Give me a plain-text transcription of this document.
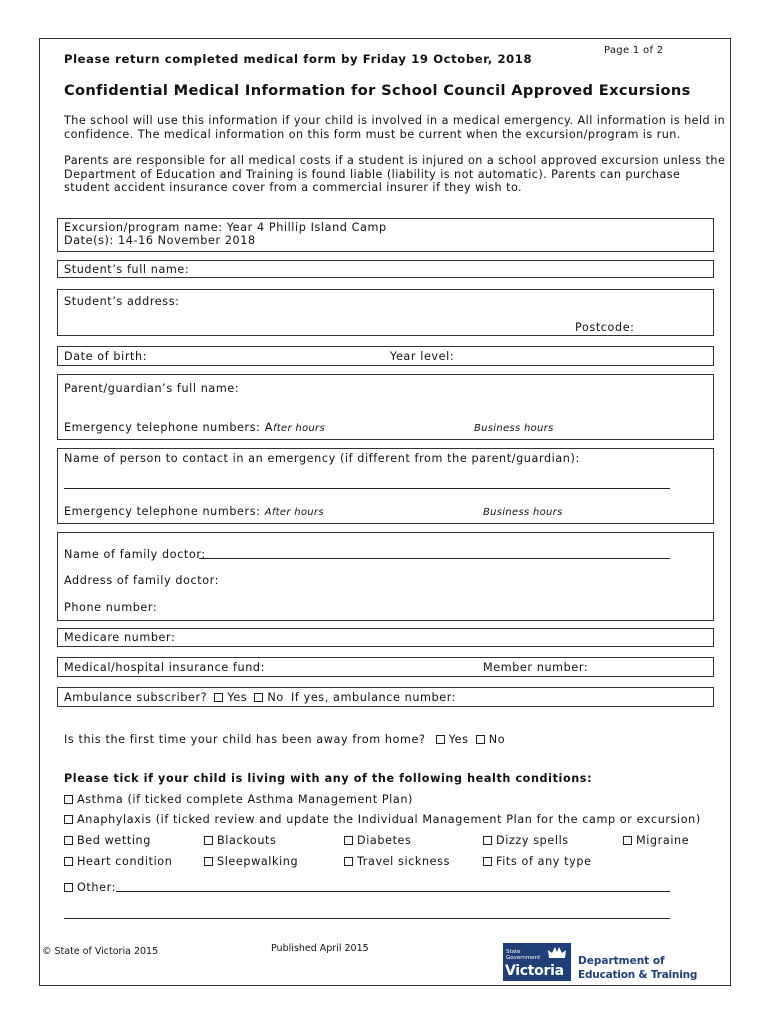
Please return completed medical form by Friday 19 October, 2018
Page 1 of 2
Confidential Medical Information for School Council Approved Excursions
The school will use this information if your child is involved in a medical emergency. All information is held in
confidence. The medical information on this form must be current when the excursion/program is run.
Parents are responsible for all medical costs if a student is injured on a school approved excursion unless the
Department of Education and Training is found liable (liability is not automatic). Parents can purchase
student accident insurance cover from a commercial insurer if they wish to.
Excursion/program name: Year 4 Phillip Island Camp
Date(s): 14-16 November 2018
Student’s full name:
Student’s address:
Postcode:
Date of birth:	Year level:
Parent/guardian’s full name:
Emergency telephone numbers: After hours	Business hours
Name of person to contact in an emergency (if different from the parent/guardian):
Emergency telephone numbers: After hours	Business hours
Name of family doctor:
Address of family doctor:
Phone number:
Medicare number:
Medical/hospital insurance fund:	Member number:
Ambulance subscriber? Yes No If yes, ambulance number:
Is this the first time your child has been away from home? Yes No
Please tick if your child is living with any of the following health conditions:
Asthma (if ticked complete Asthma Management Plan)
Anaphylaxis (if ticked review and update the Individual Management Plan for the camp or excursion)
Bed wetting	Blackouts	Diabetes	Dizzy spells	Migraine
Heart condition	Sleepwalking	Travel sickness	Fits of any type
Other:
© State of Victoria 2015	Published April 2015	State
Government
Victoria
Department of
Education & Training
